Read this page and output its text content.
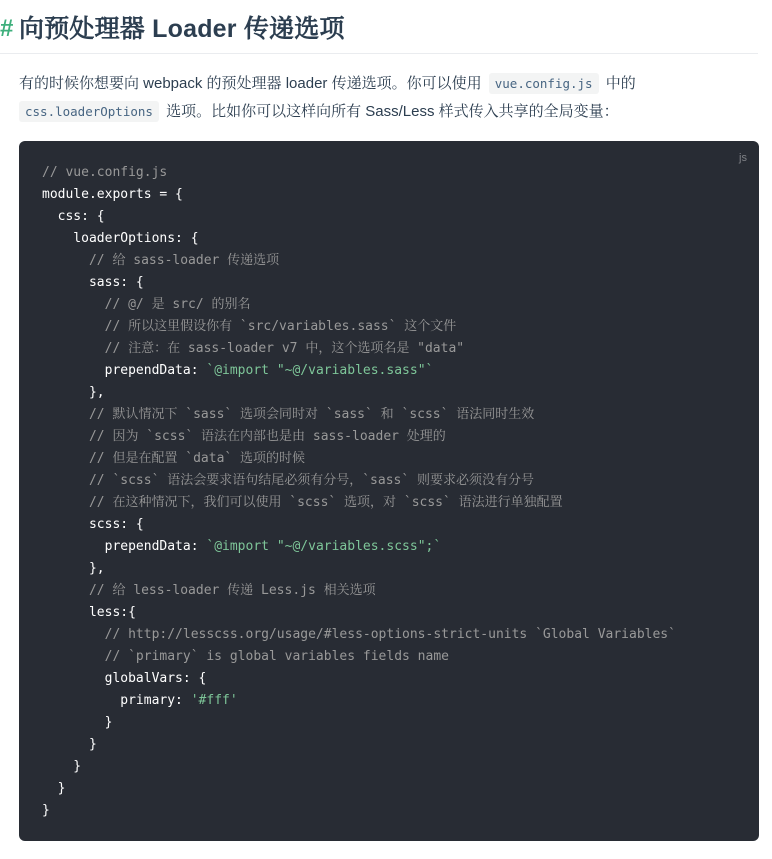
# 向预处理器 Loader 传递选项
有的时候你想要向 webpack 的预处理器 loader 传递选项。你可以使用 vue.config.js 中的
css.loaderOptions 选项。比如你可以这样向所有 Sass/Less 样式传入共享的全局变量：
js
// vue.config.js
module.exports = {
css: {
loaderOptions: {
// 给 sass-loader 传递选项
sass: {
// @/ 是 src/ 的别名
// 所以这里假设你有 `src/variables.sass` 这个文件
// 注意：在 sass-loader v7 中，这个选项名是 "data"
prependData: `@import "~@/variables.sass"`
},
// 默认情况下 `sass` 选项会同时对 `sass` 和 `scss` 语法同时生效
// 因为 `scss` 语法在内部也是由 sass-loader 处理的
// 但是在配置 `data` 选项的时候
// `scss` 语法会要求语句结尾必须有分号，`sass` 则要求必须没有分号
// 在这种情况下，我们可以使用 `scss` 选项，对 `scss` 语法进行单独配置
scss: {
prependData: `@import "~@/variables.scss";`
},
// 给 less-loader 传递 Less.js 相关选项
less:{
// http://lesscss.org/usage/#less-options-strict-units `Global Variables`
// `primary` is global variables fields name
globalVars: {
primary: '#fff'
}
}
}
}
}
